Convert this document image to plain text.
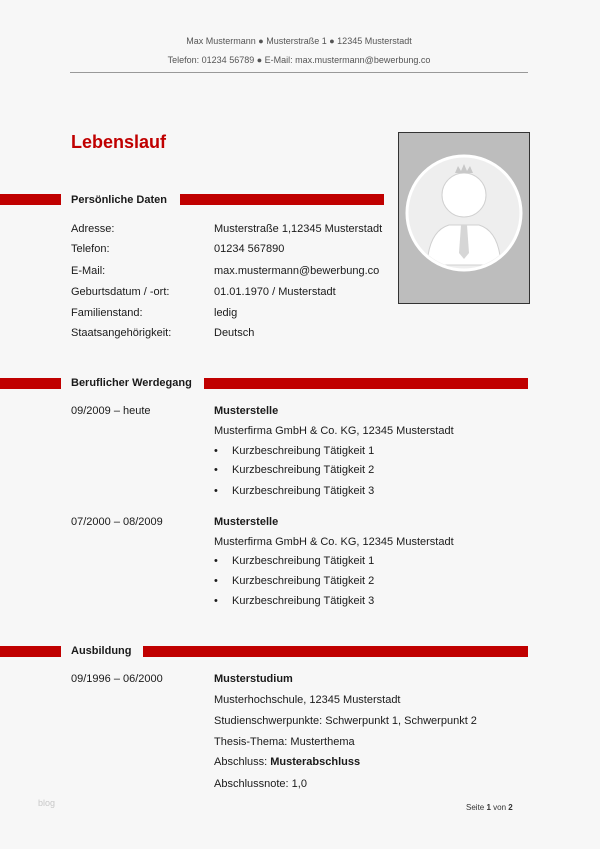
Max Mustermann ● Musterstraße 1 ● 12345 Musterstadt
Telefon: 01234 56789 ● E-Mail: max.mustermann@bewerbung.co
Lebenslauf
Persönliche Daten
Adresse:	Musterstraße 1,12345 Musterstadt
Telefon:	01234 567890
E-Mail:	max.mustermann@bewerbung.co
Geburtsdatum / -ort:	01.01.1970 / Musterstadt
Familienstand:	ledig
Staatsangehörigkeit:	Deutsch
Beruflicher Werdegang
09/2009 – heute	Musterstelle
Musterfirma GmbH & Co. KG, 12345 Musterstadt
• Kurzbeschreibung Tätigkeit 1
• Kurzbeschreibung Tätigkeit 2
• Kurzbeschreibung Tätigkeit 3
07/2000 – 08/2009	Musterstelle
Musterfirma GmbH & Co. KG, 12345 Musterstadt
• Kurzbeschreibung Tätigkeit 1
• Kurzbeschreibung Tätigkeit 2
• Kurzbeschreibung Tätigkeit 3
Ausbildung
09/1996 – 06/2000	Musterstudium
Musterhochschule, 12345 Musterstadt
Studienschwerpunkte: Schwerpunkt 1, Schwerpunkt 2
Thesis-Thema: Musterthema
Abschluss: Musterabschluss
Abschlussnote: 1,0
blog	Seite 1 von 2
